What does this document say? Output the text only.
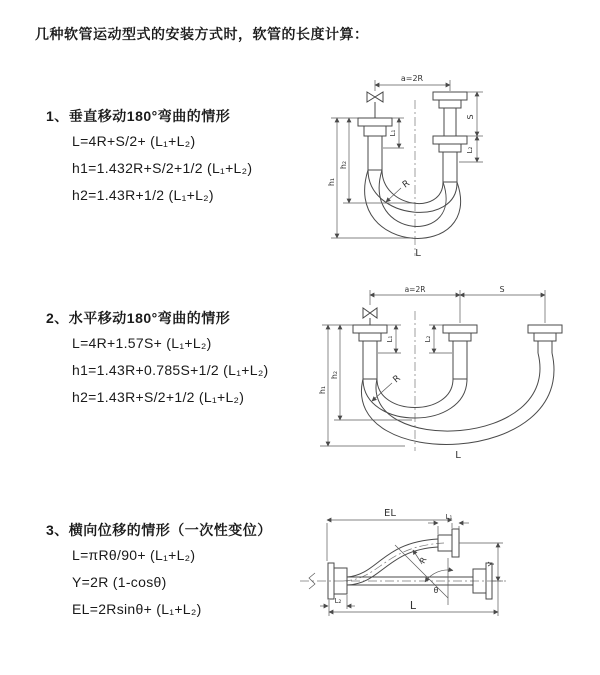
几种软管运动型式的安装方式时，软管的长度计算：
1、垂直移动180°弯曲的情形
L=4R+S/2+ (L₁+L₂)
h1=1.432R+S/2+1/2 (L₁+L₂)
h2=1.43R+1/2 (L₁+L₂)
2、水平移动180°弯曲的情形
L=4R+1.57S+ (L₁+L₂)
h1=1.43R+0.785S+1/2 (L₁+L₂)
h2=1.43R+S/2+1/2 (L₁+L₂)
3、横向位移的情形（一次性变位）
L=πRθ/90+ (L₁+L₂)
Y=2R (1-cosθ)
EL=2Rsinθ+ (L₁+L₂)
a=2R
R
S
L₂
h₂
h₁
L₁
L
a=2R	S
R
h₂
h₁
L₁	L₂
L
EL	L₁
R
θ
Y
L₂	L
